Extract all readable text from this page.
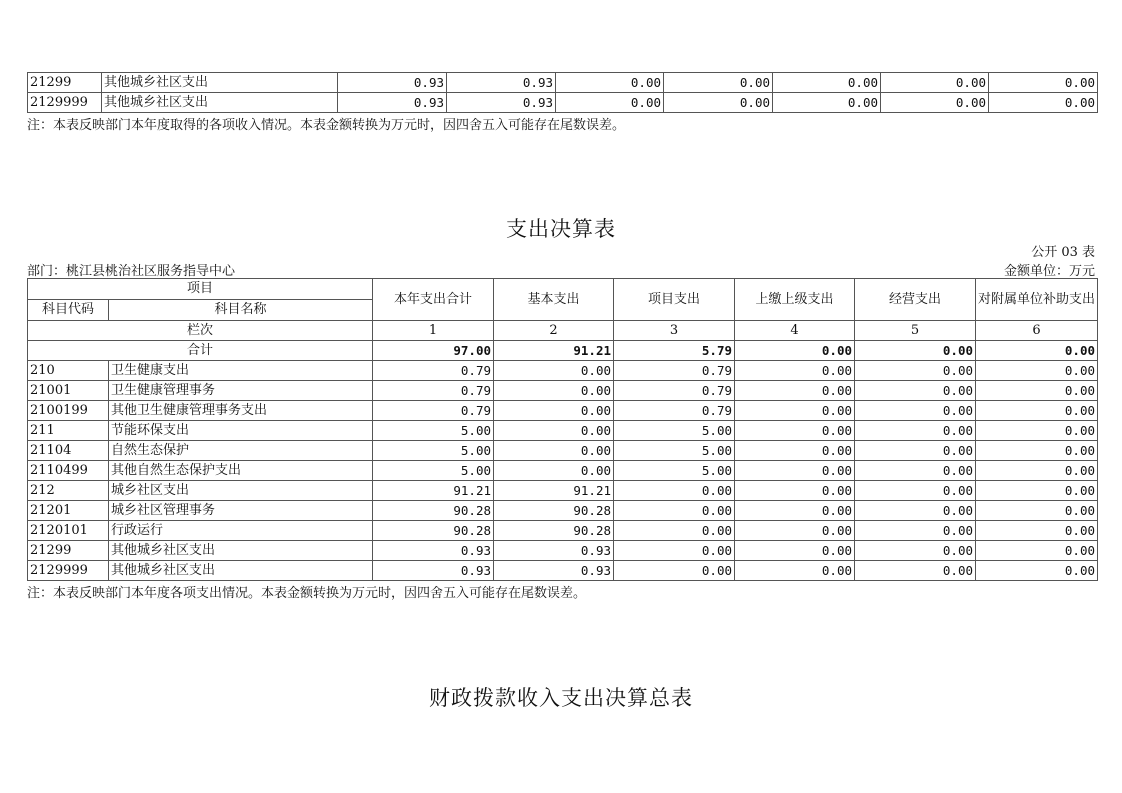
21299	其他城乡社区支出	0.93	0.93	0.00	0.00	0.00	0.00	0.00
2129999	其他城乡社区支出	0.93	0.93	0.00	0.00	0.00	0.00	0.00
注：本表反映部门本年度取得的各项收入情况。本表金额转换为万元时，因四舍五入可能存在尾数误差。
支出决算表
公开 03 表
部门：桃江县桃治社区服务指导中心	金额单位：万元
项目		本年支出合计	基本支出	项目支出	上缴上级支出	经营支出	对附属单位补助支出
科目代码	科目名称						
栏次		1	2	3	4	5	6
合计		97.00	91.21	5.79	0.00	0.00	0.00
210	卫生健康支出	0.79	0.00	0.79	0.00	0.00	0.00
21001	卫生健康管理事务	0.79	0.00	0.79	0.00	0.00	0.00
2100199	其他卫生健康管理事务支出	0.79	0.00	0.79	0.00	0.00	0.00
211	节能环保支出	5.00	0.00	5.00	0.00	0.00	0.00
21104	自然生态保护	5.00	0.00	5.00	0.00	0.00	0.00
2110499	其他自然生态保护支出	5.00	0.00	5.00	0.00	0.00	0.00
212	城乡社区支出	91.21	91.21	0.00	0.00	0.00	0.00
21201	城乡社区管理事务	90.28	90.28	0.00	0.00	0.00	0.00
2120101	行政运行	90.28	90.28	0.00	0.00	0.00	0.00
21299	其他城乡社区支出	0.93	0.93	0.00	0.00	0.00	0.00
2129999	其他城乡社区支出	0.93	0.93	0.00	0.00	0.00	0.00
注：本表反映部门本年度各项支出情况。本表金额转换为万元时，因四舍五入可能存在尾数误差。
财政拨款收入支出决算总表
